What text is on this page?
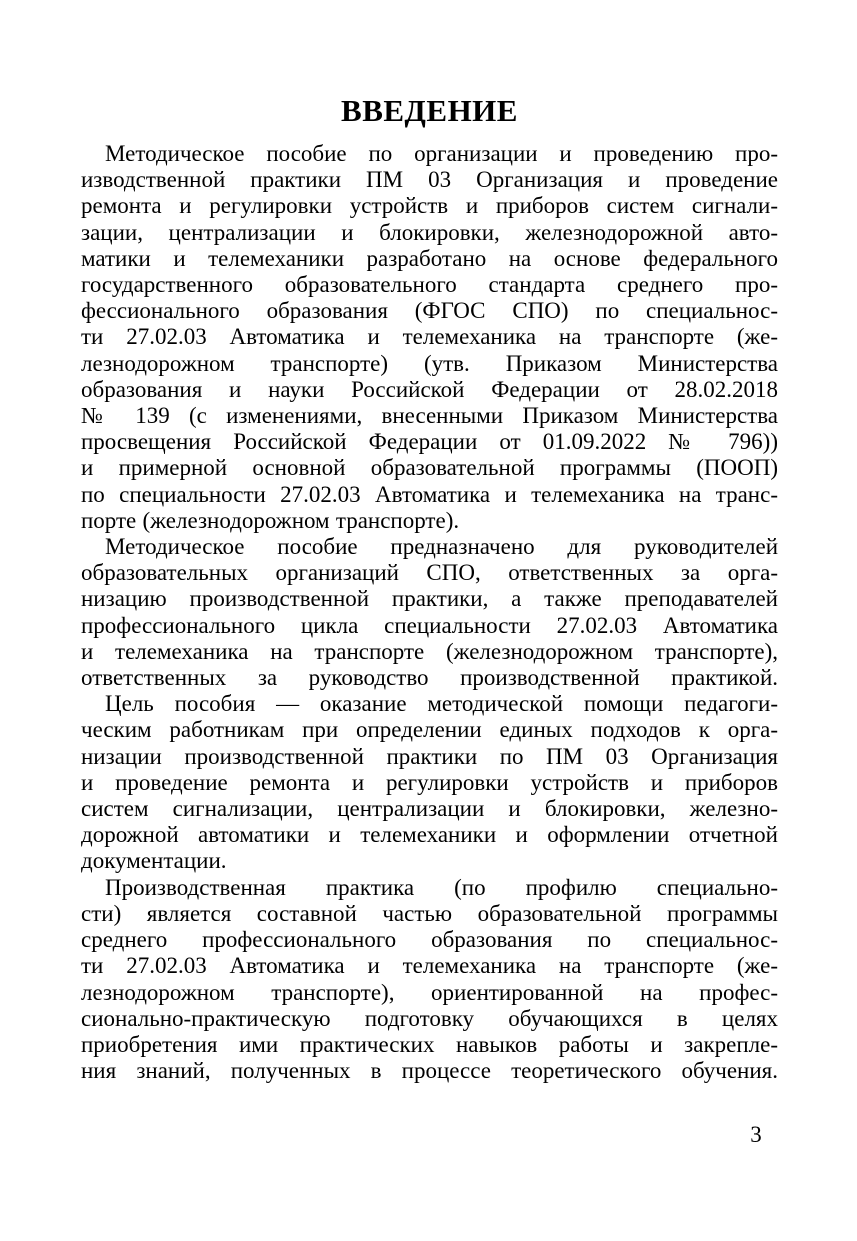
ВВЕДЕНИЕ
Методическое пособие по организации и проведению про-
изводственной практики ПМ 03 Организация и проведение
ремонта и регулировки устройств и приборов систем сигнали-
зации, централизации и блокировки, железнодорожной авто-
матики и телемеханики разработано на основе федерального
государственного образовательного стандарта среднего про-
фессионального образования (ФГОС СПО) по специальнос-
ти 27.02.03 Автоматика и телемеханика на транспорте (же-
лезнодорожном транспорте) (утв. Приказом Министерства
образования и науки Российской Федерации от 28.02.2018
№ 139 (с изменениями, внесенными Приказом Министерства
просвещения Российской Федерации от 01.09.2022 № 796))
и примерной основной образовательной программы (ПООП)
по специальности 27.02.03 Автоматика и телемеханика на транс-
порте (железнодорожном транспорте).
Методическое пособие предназначено для руководителей
образовательных организаций СПО, ответственных за орга-
низацию производственной практики, а также преподавателей
профессионального цикла специальности 27.02.03 Автоматика
и телемеханика на транспорте (железнодорожном транспорте),
ответственных за руководство производственной практикой.
Цель пособия — оказание методической помощи педагоги-
ческим работникам при определении единых подходов к орга-
низации производственной практики по ПМ 03 Организация
и проведение ремонта и регулировки устройств и приборов
систем сигнализации, централизации и блокировки, железно-
дорожной автоматики и телемеханики и оформлении отчетной
документации.
Производственная практика (по профилю специально-
сти) является составной частью образовательной программы
среднего профессионального образования по специальнос-
ти 27.02.03 Автоматика и телемеханика на транспорте (же-
лезнодорожном транспорте), ориентированной на профес-
сионально-практическую подготовку обучающихся в целях
приобретения ими практических навыков работы и закрепле-
ния знаний, полученных в процессе теоретического обучения.
3
